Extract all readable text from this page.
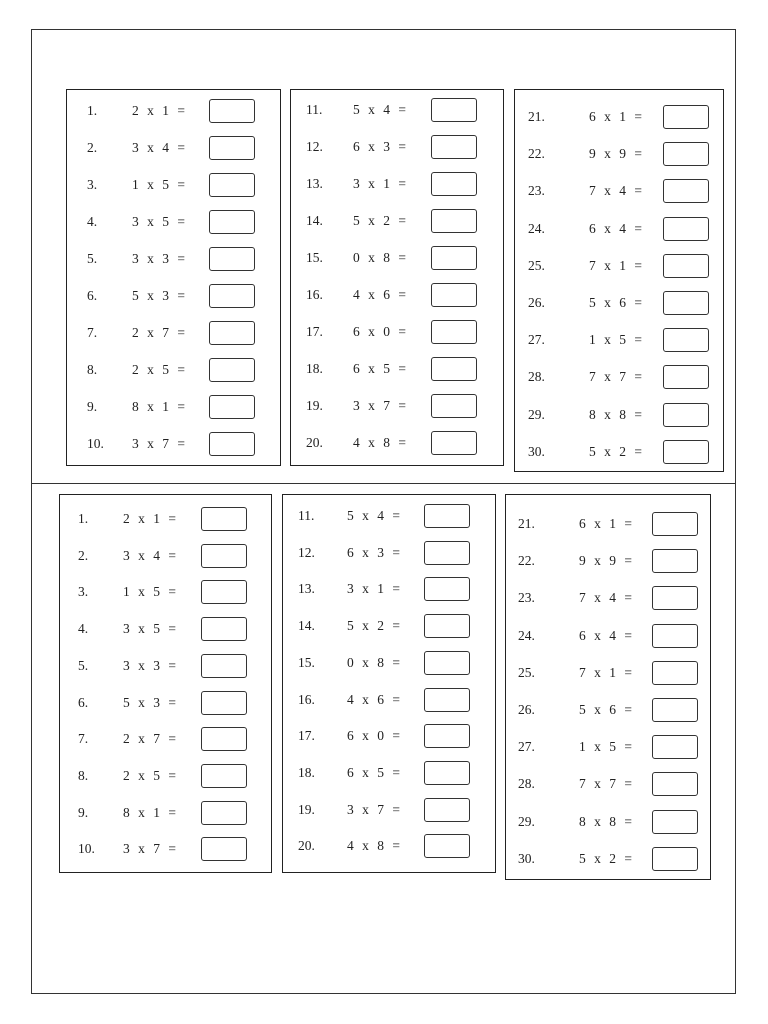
1.	2 x 1 =
2.	3 x 4 =
3.	1 x 5 =
4.	3 x 5 =
5.	3 x 3 =
6.	5 x 3 =
7.	2 x 7 =
8.	2 x 5 =
9.	8 x 1 =
10. 3 x 7 =
11. 5 x 4 =
12. 6 x 3 =
13. 3 x 1 =
14. 5 x 2 =
15. 0 x 8 =
16. 4 x 6 =
17. 6 x 0 =
18. 6 x 5 =
19. 3 x 7 =
20. 4 x 8 =
21.	6 x 1 =
22.	9 x 9 =
23.	7 x 4 =
24.	6 x 4 =
25.	7 x 1 =
26.	5 x 6 =
27.	1 x 5 =
28.	7 x 7 =
29.	8 x 8 =
30.	5 x 2 =
1.	2 x 1 =
2.	3 x 4 =
3.	1 x 5 =
4.	3 x 5 =
5.	3 x 3 =
6.	5 x 3 =
7.	2 x 7 =
8.	2 x 5 =
9.	8 x 1 =
10. 3 x 7 =
11. 5 x 4 =
12. 6 x 3 =
13. 3 x 1 =
14. 5 x 2 =
15. 0 x 8 =
16. 4 x 6 =
17. 6 x 0 =
18. 6 x 5 =
19. 3 x 7 =
20. 4 x 8 =
21.	6 x 1 =
22.	9 x 9 =
23.	7 x 4 =
24.	6 x 4 =
25.	7 x 1 =
26.	5 x 6 =
27.	1 x 5 =
28.	7 x 7 =
29.	8 x 8 =
30.	5 x 2 =
